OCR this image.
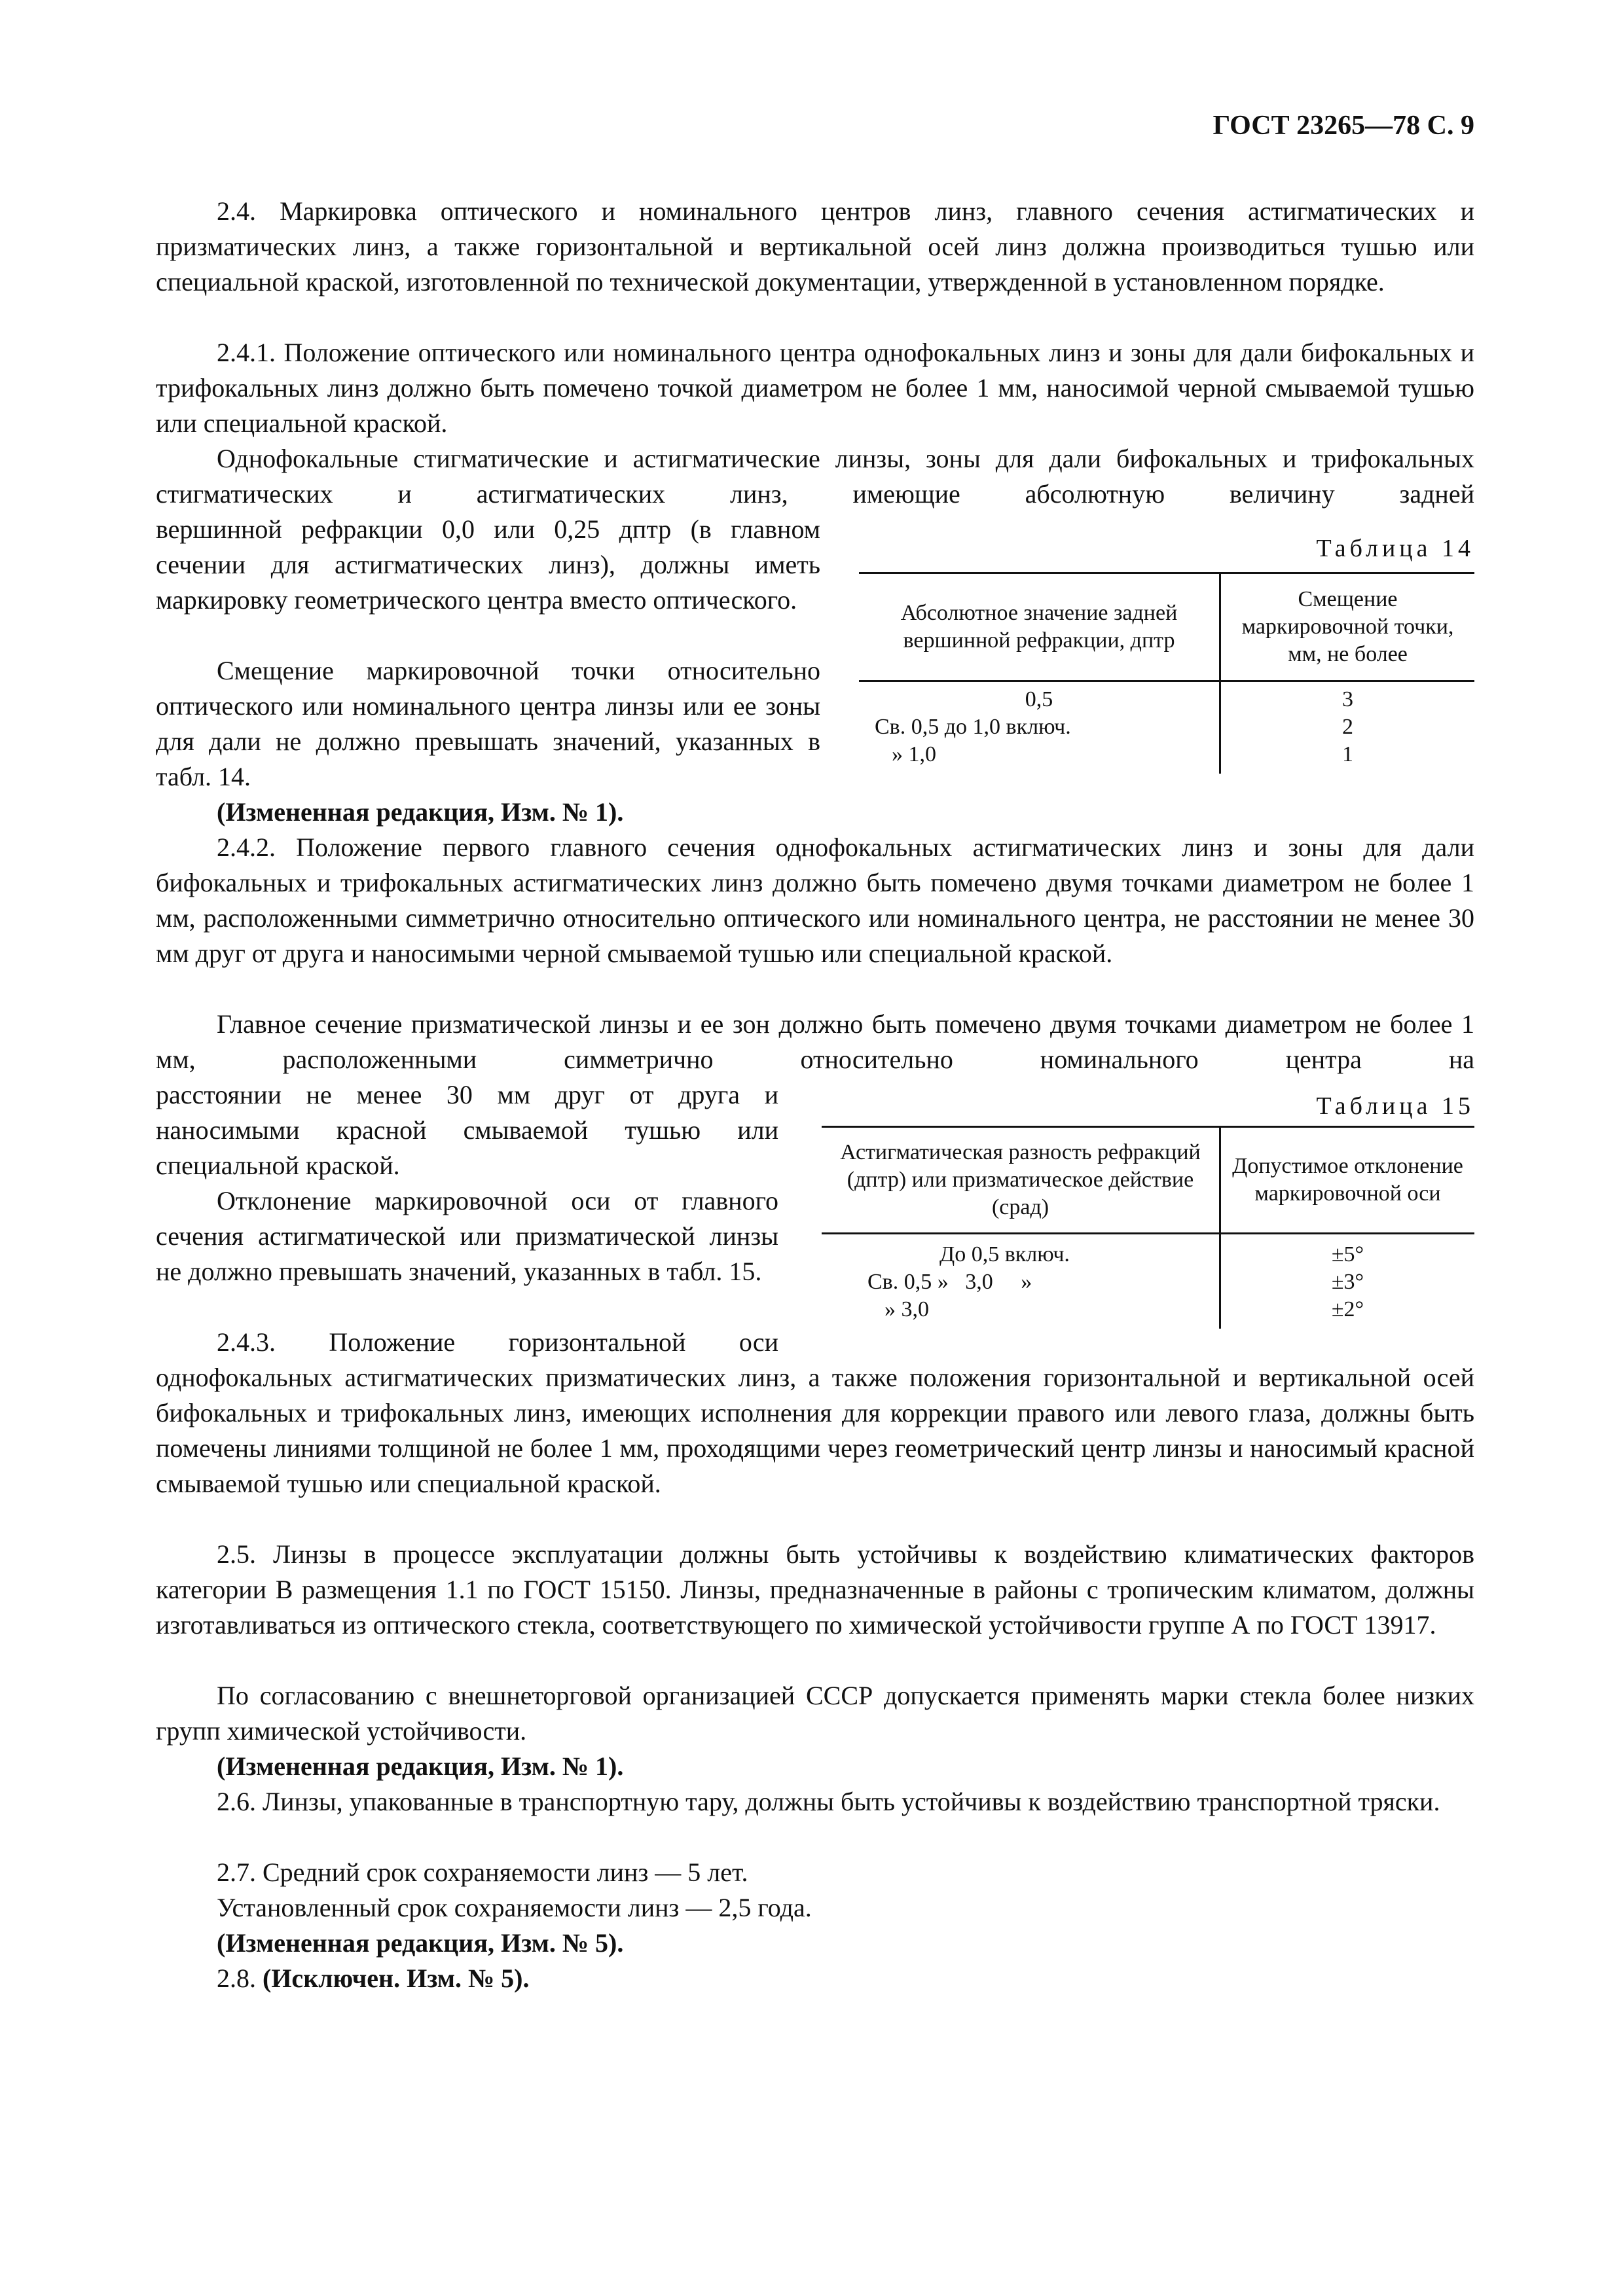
ГОСТ 23265—78 С. 9

2.4. Маркировка оптического и номинального центров линз, главного сечения астигматических и призматических линз, а также горизонтальной и вертикальной осей линз должна производиться тушью или специальной краской, изготовленной по технической документации, утвержденной в установленном порядке.

2.4.1. Положение оптического или номинального центра однофокальных линз и зоны для дали бифокальных и трифокальных линз должно быть помечено точкой диаметром не более 1 мм, наносимой черной смываемой тушью или специальной краской.

Однофокальные стигматические и астигматические линзы, зоны для дали бифокальных и трифокальных стигматических и астигматических линз, имеющие абсолютную величину задней

вершинной рефракции 0,0 или 0,25 дптр (в главном сечении для астигматических линз), должны иметь маркировку геометрического центра вместо оптического.

Смещение маркировочной точки относительно оптического или номинального центра линзы или ее зоны для дали не должно превышать значений, указанных в табл. 14.

(Измененная редакция, Изм. № 1).

Таблица 14
Абсолютное значение задней вершинной рефракции, дптр	Смещение маркировочной точки, мм, не более
0,5	3
Св. 0,5 до 1,0 включ.	2
» 1,0	1

2.4.2. Положение первого главного сечения однофокальных астигматических линз и зоны для дали бифокальных и трифокальных астигматических линз должно быть помечено двумя точками диаметром не более 1 мм, расположенными симметрично относительно оптического или номинального центра, не расстоянии не менее 30 мм друг от друга и наносимыми черной смываемой тушью или специальной краской.

Главное сечение призматической линзы и ее зон должно быть помечено двумя точками диаметром не более 1 мм, расположенными симметрично относительно номинального центра на

расстоянии не менее 30 мм друг от друга и наносимыми красной смываемой тушью или специальной краской.

Отклонение маркировочной оси от главного сечения астигматической или призматической линзы не должно превышать значений, указанных в табл. 15.

2.4.3. Положение горизонтальной оси

Таблица 15
Астигматическая разность рефракций (дптр) или призматическое действие (срад)	Допустимое отклонение маркировочной оси
До 0,5 включ.	±5°
Св. 0,5 »   3,0     »	±3°
» 3,0	±2°

однофокальных астигматических призматических линз, а также положения горизонтальной и вертикальной осей бифокальных и трифокальных линз, имеющих исполнения для коррекции правого или левого глаза, должны быть помечены линиями толщиной не более 1 мм, проходящими через геометрический центр линзы и наносимый красной смываемой тушью или специальной краской.

2.5. Линзы в процессе эксплуатации должны быть устойчивы к воздействию климатических факторов категории В размещения 1.1 по ГОСТ 15150. Линзы, предназначенные в районы с тропическим климатом, должны изготавливаться из оптического стекла, соответствующего по химической устойчивости группе А по ГОСТ 13917.

По согласованию с внешнеторговой организацией СССР допускается применять марки стекла более низких групп химической устойчивости.

(Измененная редакция, Изм. № 1).

2.6. Линзы, упакованные в транспортную тару, должны быть устойчивы к воздействию транспортной тряски.

2.7. Средний срок сохраняемости линз — 5 лет.

Установленный срок сохраняемости линз — 2,5 года.

(Измененная редакция, Изм. № 5).

2.8. (Исключен. Изм. № 5).
